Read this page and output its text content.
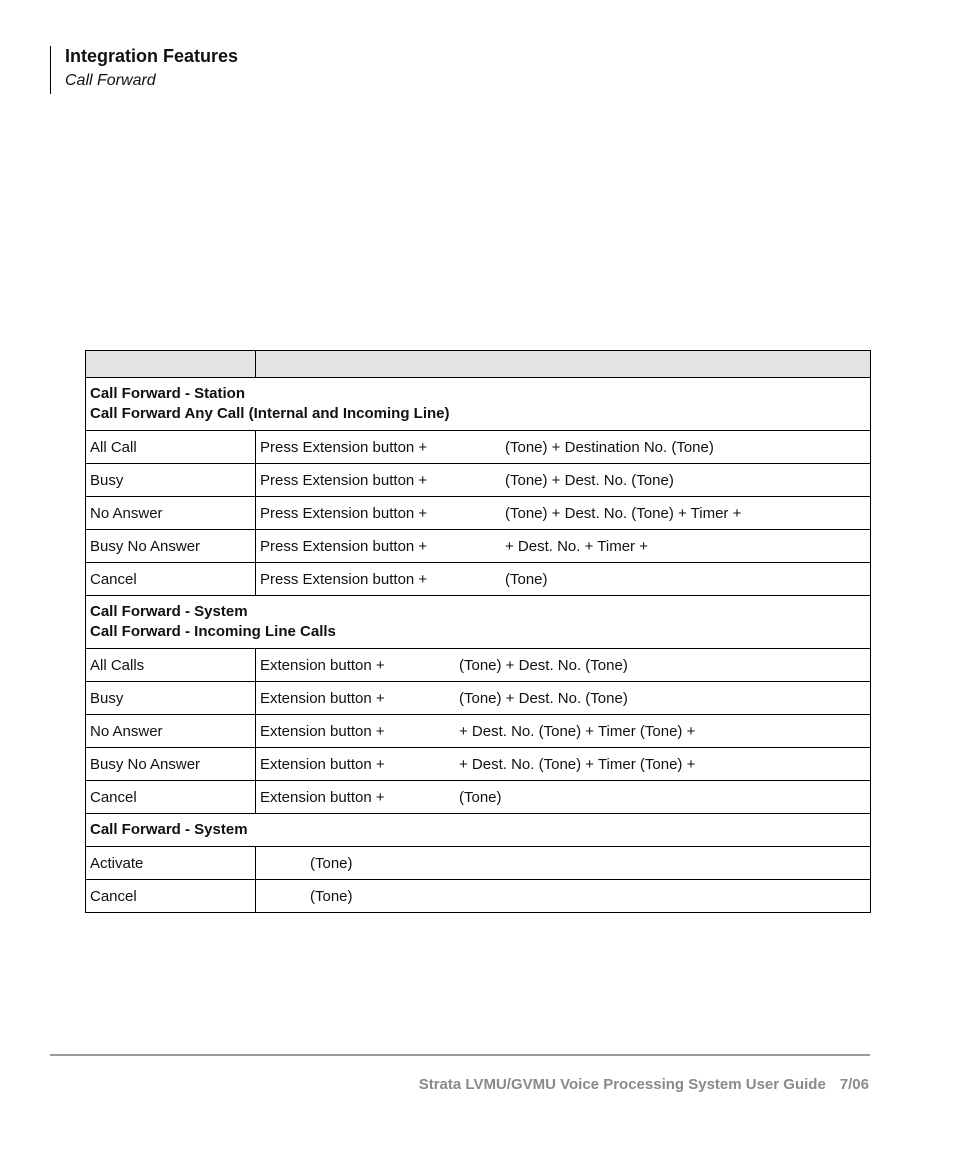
Integration Features
Call Forward

Call Forward - Station
Call Forward Any Call (Internal and Incoming Line)	

All Call	Press Extension button + (Tone) + Destination No. (Tone)
Busy	Press Extension button + (Tone) + Dest. No. (Tone)
No Answer	Press Extension button + (Tone) + Dest. No. (Tone) + Timer +
Busy No Answer	Press Extension button + + Dest. No. + Timer +
Cancel	Press Extension button + (Tone)

Call Forward - System
Call Forward - Incoming Line Calls	

All Calls	Extension button + (Tone) + Dest. No. (Tone)
Busy	Extension button + (Tone) + Dest. No. (Tone)
No Answer	Extension button + + Dest. No. (Tone) + Timer (Tone) +
Busy No Answer	Extension button + + Dest. No. (Tone) + Timer (Tone) +
Cancel	Extension button + (Tone)

Call Forward - System	

Activate	(Tone)
Cancel	(Tone)
Strata LVMU/GVMU Voice Processing System User Guide 7/06
